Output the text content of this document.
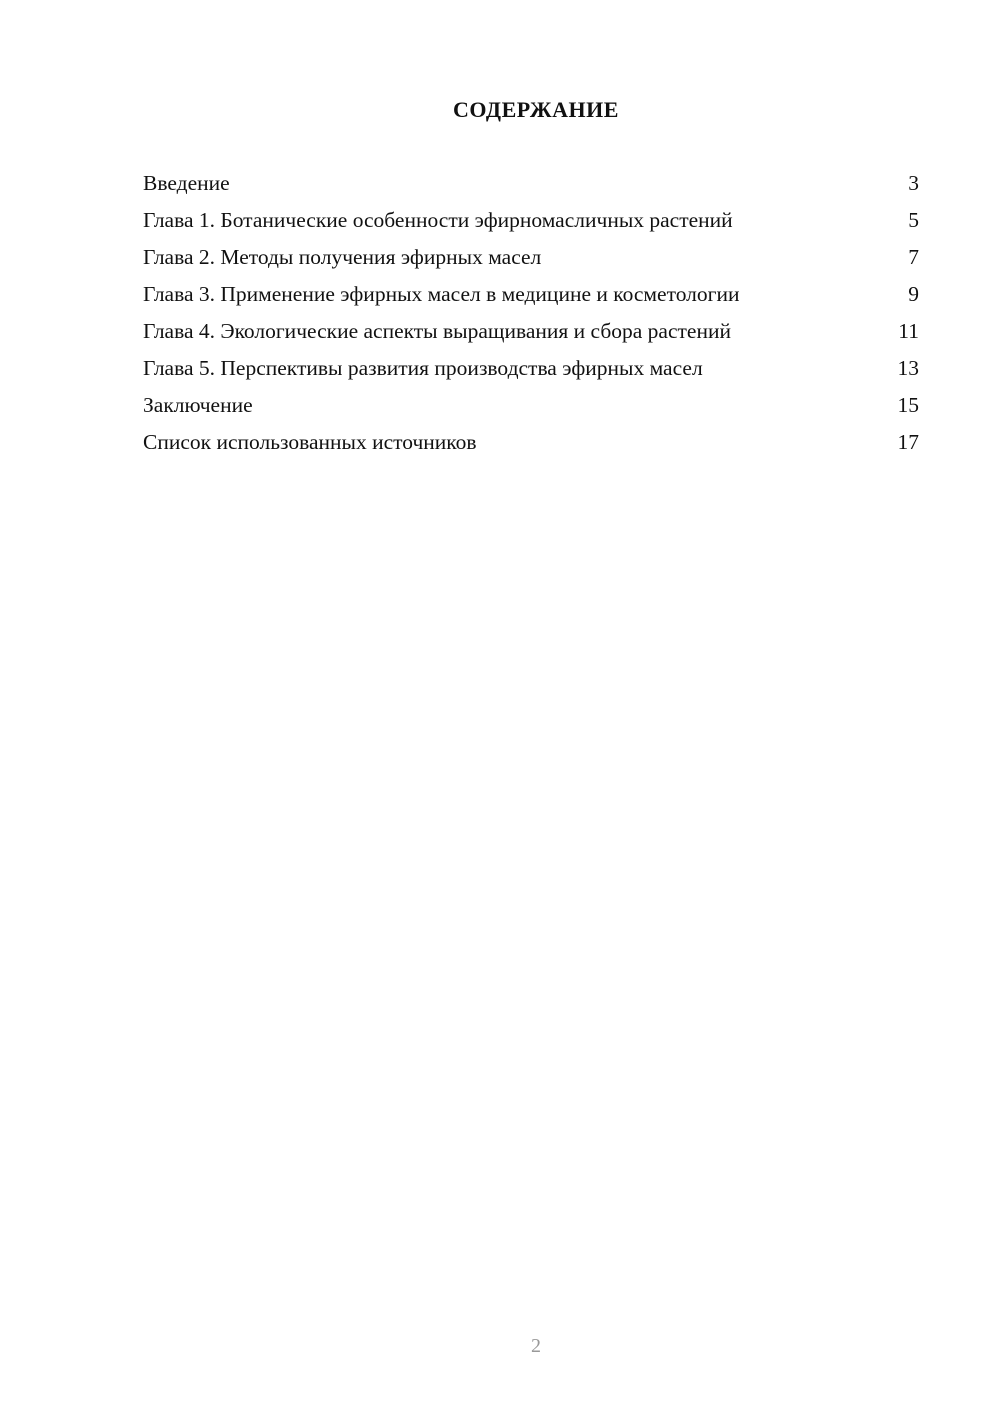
СОДЕРЖАНИЕ
Введение	3
Глава 1. Ботанические особенности эфирномасличных растений	5
Глава 2. Методы получения эфирных масел	7
Глава 3. Применение эфирных масел в медицине и косметологии	9
Глава 4. Экологические аспекты выращивания и сбора растений	11
Глава 5. Перспективы развития производства эфирных масел	13
Заключение	15
Список использованных источников	17
2
